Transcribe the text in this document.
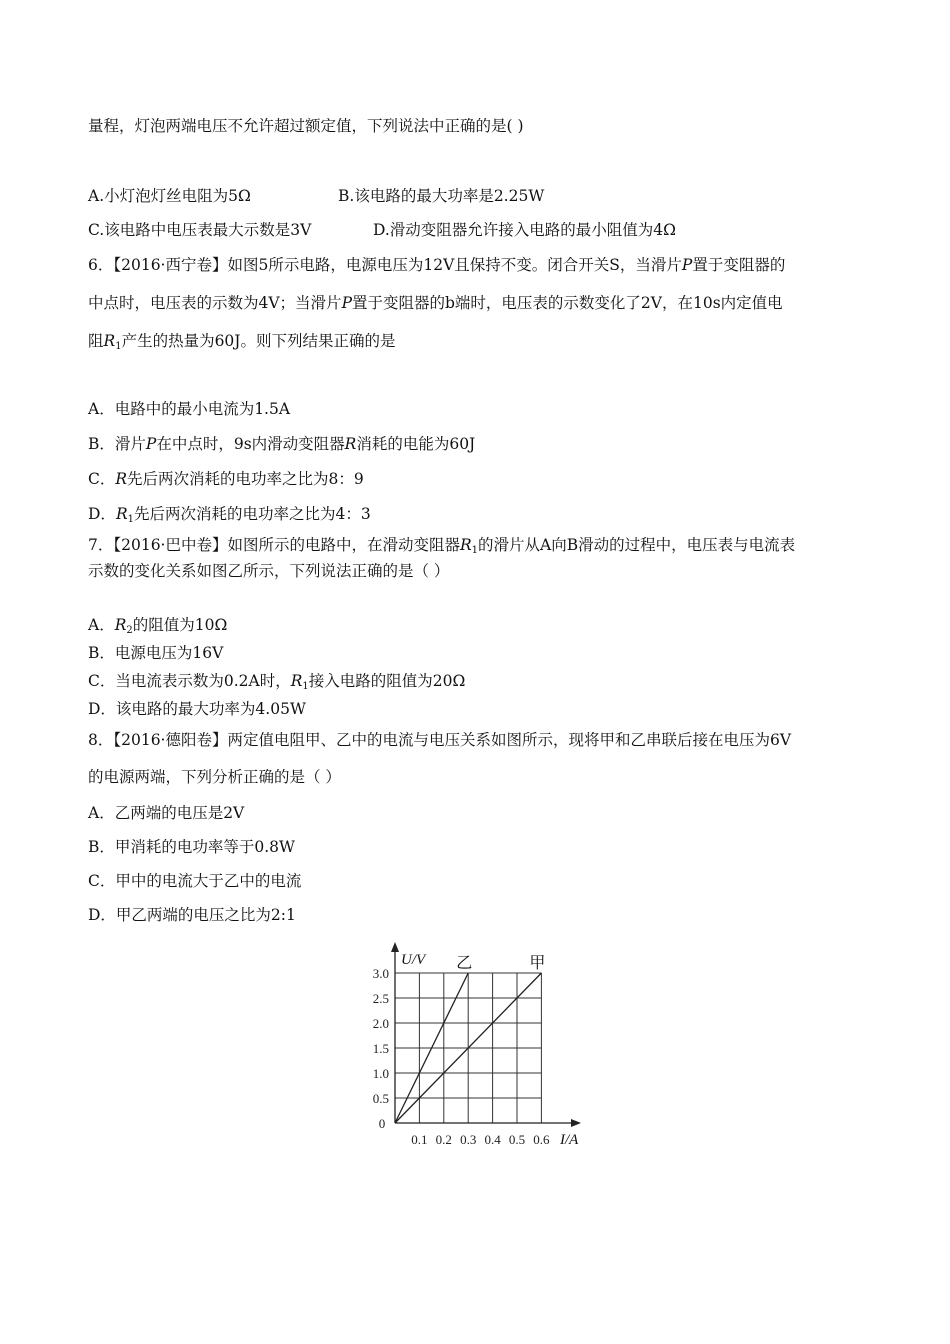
量程，灯泡两端电压不允许超过额定值，下列说法中正确的是( )
A.小灯泡灯丝电阻为5Ω	B.该电路的最大功率是2.25W
C.该电路中电压表最大示数是3V	D.滑动变阻器允许接入电路的最小阻值为4Ω
6．【2016·西宁卷】如图5所示电路，电源电压为12V且保持不变。闭合开关S，当滑片P置于变阻器的
中点时，电压表的示数为4V；当滑片P置于变阻器的b端时，电压表的示数变化了2V，在10s内定值电
阻$R_1$产生的热量为60J。则下列结果正确的是
A．电路中的最小电流为1.5A
B．滑片P在中点时，9s内滑动变阻器R消耗的电能为60J
C．R先后两次消耗的电功率之比为8：9
D．$R_1$先后两次消耗的电功率之比为4：3
7．【2016·巴中卷】如图所示的电路中，在滑动变阻器$R_1$的滑片从A向B滑动的过程中，电压表与电流表
示数的变化关系如图乙所示，下列说法正确的是（ ）
A．$R_2$的阻值为10Ω
B．电源电压为16V
C．当电流表示数为0.2A时，$R_1$接入电路的阻值为20Ω
D．该电路的最大功率为4.05W
8．【2016·德阳卷】两定值电阻甲、乙中的电流与电压关系如图所示，现将甲和乙串联后接在电压为6V
的电源两端，下列分析正确的是（ ）
A．乙两端的电压是2V
B．甲消耗的电功率等于0.8W
C．甲中的电流大于乙中的电流
D．甲乙两端的电压之比为2:1
乙	甲
0.5
1.0
1.5
2.0
2.5
3.0
0.1 0.2 0.3 0.4 0.5 0.6
0
U/V
I/A
